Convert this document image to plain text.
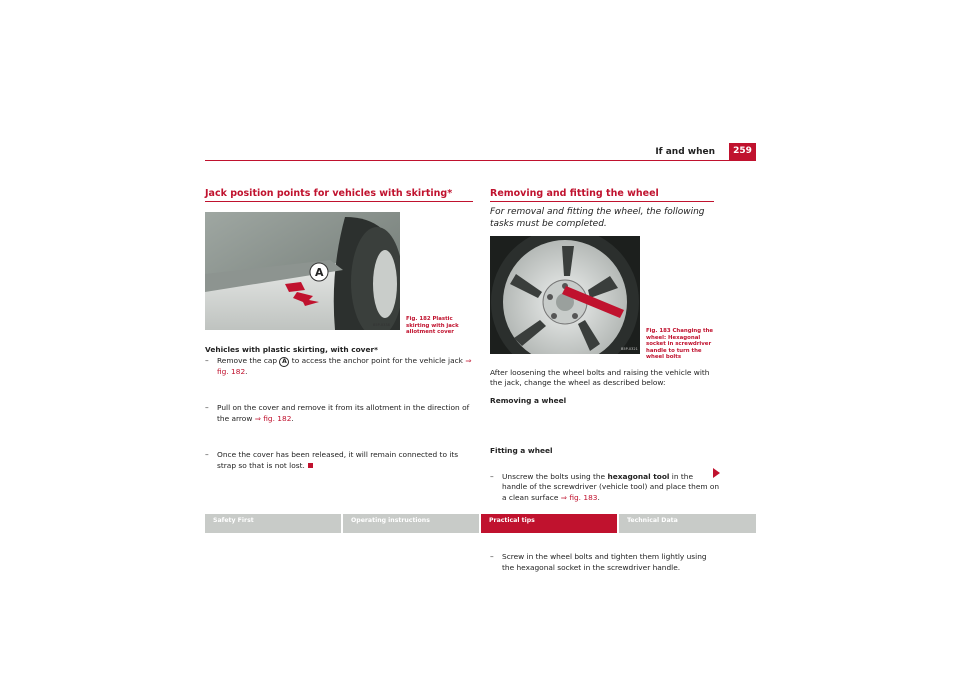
If and when	259
Jack position points for vehicles with skirting*
A
B5P-0338
Fig. 182 Plastic skirting with jack allotment cover
Vehicles with plastic skirting, with cover*
– Remove the cap A to access the anchor point for the vehicle jack ⇒ fig. 182.
– Pull on the cover and remove it from its allotment in the direction of the arrow ⇒ fig. 182.
– Once the cover has been released, it will remain connected to its strap so that is not lost.
Removing and fitting the wheel
For removal and fitting the wheel, the following tasks must be completed.
B5P-0321
Fig. 183 Changing the wheel: Hexagonal socket in screwdriver handle to turn the wheel bolts
After loosening the wheel bolts and raising the vehicle with the jack, change the wheel as described below:
Removing a wheel
– Unscrew the bolts using the hexagonal tool in the handle of the screwdriver (vehicle tool) and place them on a clean surface ⇒ fig. 183.
Fitting a wheel
– Screw in the wheel bolts and tighten them lightly using the hexagonal socket in the screwdriver handle.
Safety First	Operating instructions	Practical tips	Technical Data
